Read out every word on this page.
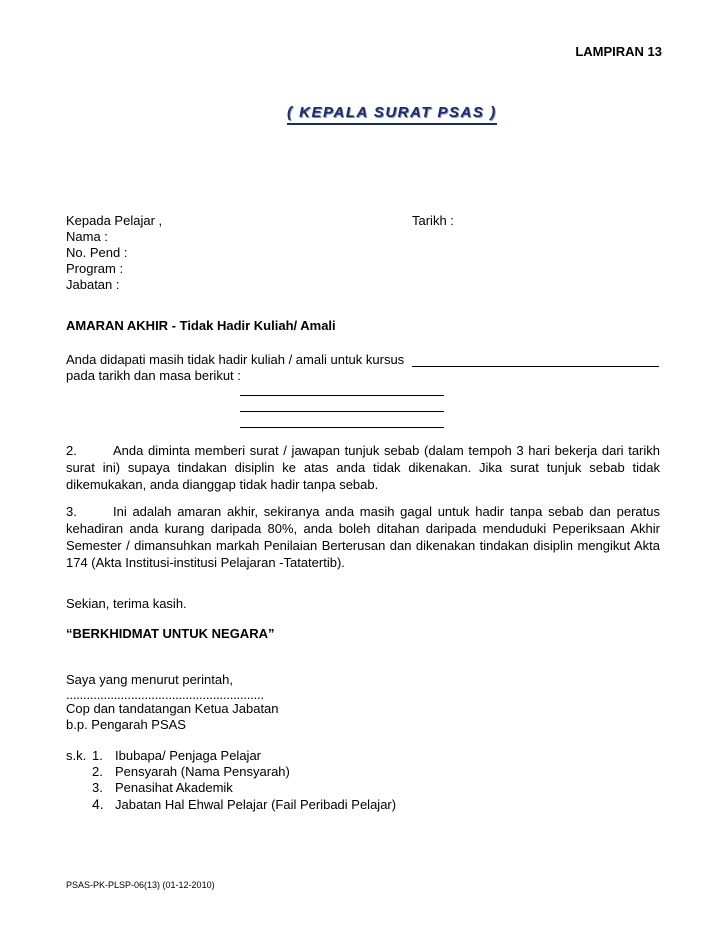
LAMPIRAN 13
( KEPALA SURAT PSAS )
Kepada Pelajar ,	Tarikh :
Nama :
No. Pend :
Program :
Jabatan :
AMARAN AKHIR - Tidak Hadir Kuliah/ Amali
Anda didapati masih tidak hadir kuliah / amali untuk kursus
pada tarikh dan masa berikut :
2.	Anda diminta memberi surat / jawapan tunjuk sebab (dalam tempoh 3 hari bekerja dari tarikh surat ini) supaya tindakan disiplin ke atas anda tidak dikenakan. Jika surat tunjuk sebab tidak dikemukakan, anda dianggap tidak hadir tanpa sebab.
3.	Ini adalah amaran akhir, sekiranya anda masih gagal untuk hadir tanpa sebab dan peratus kehadiran anda kurang daripada 80%, anda boleh ditahan daripada menduduki Peperiksaan Akhir Semester / dimansuhkan markah Penilaian Berterusan dan dikenakan tindakan disiplin mengikut Akta 174 (Akta Institusi-institusi Pelajaran -Tatatertib).
Sekian, terima kasih.
“BERKHIDMAT UNTUK NEGARA”
Saya yang menurut perintah,
..........................................................
Cop dan tandatangan Ketua Jabatan
b.p. Pengarah PSAS
s.k. 1. Ibubapa/ Penjaga Pelajar
2. Pensyarah (Nama Pensyarah)
3. Penasihat Akademik
4. Jabatan Hal Ehwal Pelajar (Fail Peribadi Pelajar)
PSAS-PK-PLSP-06(13) (01-12-2010)
